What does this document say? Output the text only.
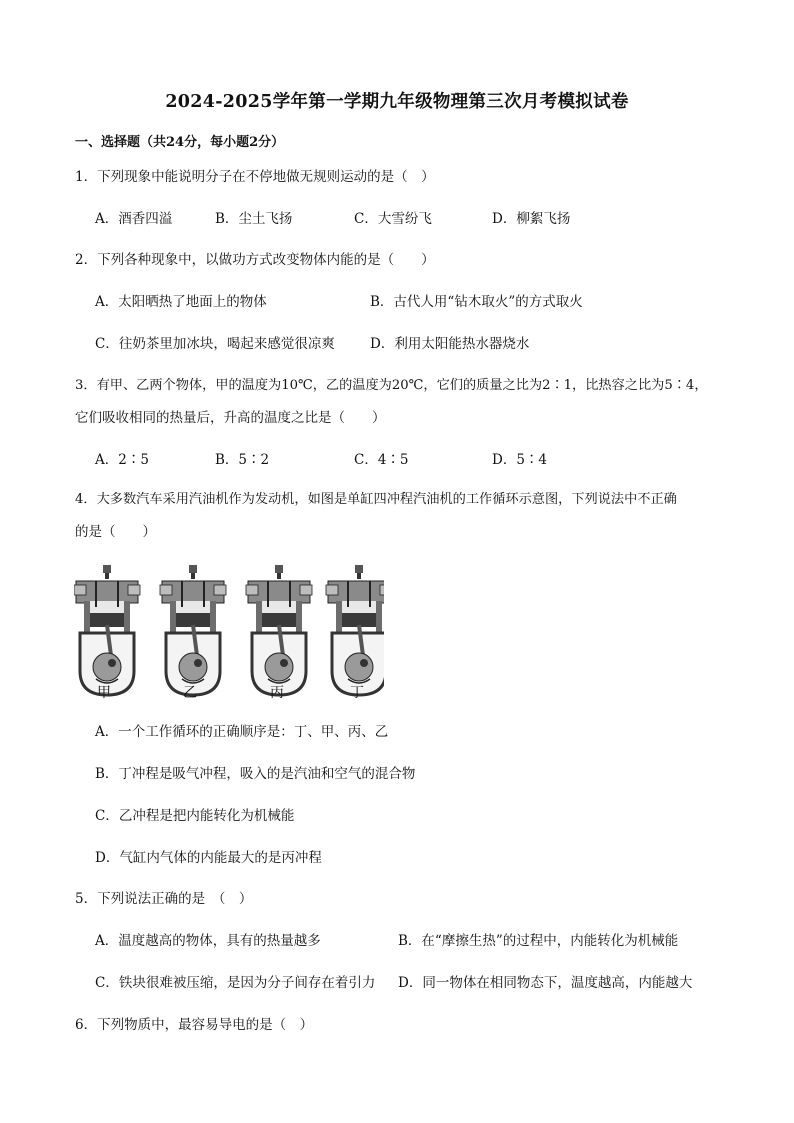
2024-2025学年第一学期九年级物理第三次月考模拟试卷
一、选择题（共24分，每小题2分）
1．下列现象中能说明分子在不停地做无规则运动的是（　）
A．酒香四溢	B．尘土飞扬	C．大雪纷飞	D．柳絮飞扬
2．下列各种现象中，以做功方式改变物体内能的是（　　）
A．太阳晒热了地面上的物体	B．古代人用“钻木取火”的方式取火
C．往奶茶里加冰块，喝起来感觉很凉爽	D．利用太阳能热水器烧水
3．有甲、乙两个物体，甲的温度为10℃，乙的温度为20℃，它们的质量之比为2∶1，比热容之比为5∶4，
它们吸收相同的热量后，升高的温度之比是（　　）
A．2∶5	B．5∶2	C．4∶5	D．5∶4
4．大多数汽车采用汽油机作为发动机，如图是单缸四冲程汽油机的工作循环示意图，下列说法中不正确
的是（　　）
甲	乙	丙	丁
A．一个工作循环的正确顺序是：丁、甲、丙、乙
B．丁冲程是吸气冲程，吸入的是汽油和空气的混合物
C．乙冲程是把内能转化为机械能
D．气缸内气体的内能最大的是丙冲程
5．下列说法正确的是　（　）
A．温度越高的物体，具有的热量越多	B．在“摩擦生热”的过程中，内能转化为机械能
C．铁块很难被压缩，是因为分子间存在着引力 D．同一物体在相同物态下，温度越高，内能越大
6．下列物质中，最容易导电的是（　）
